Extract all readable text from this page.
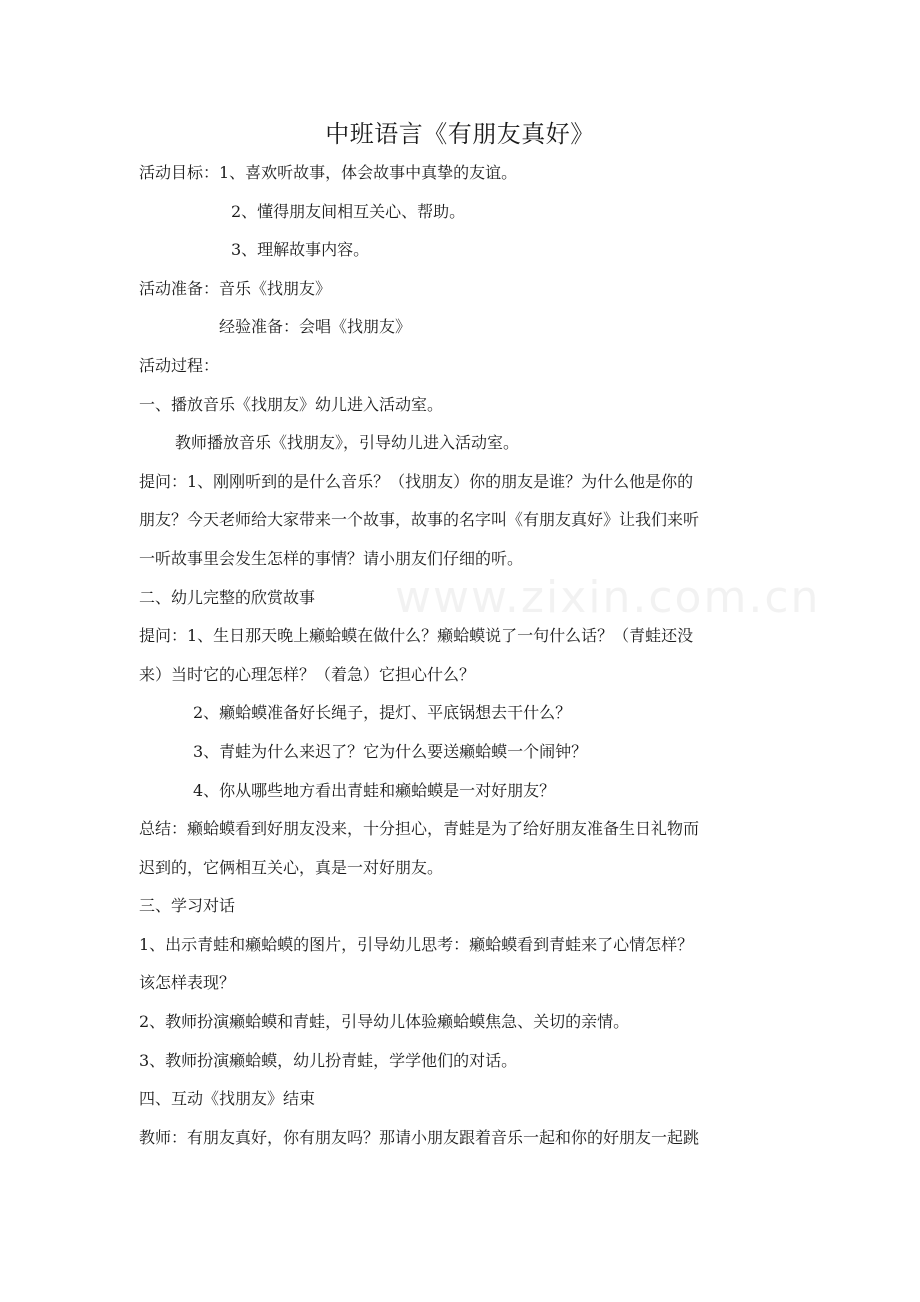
www.zixin.com.cn
中班语言《有朋友真好》
活动目标：1、喜欢听故事，体会故事中真挚的友谊。
2、懂得朋友间相互关心、帮助。
3、理解故事内容。
活动准备：音乐《找朋友》
经验准备：会唱《找朋友》
活动过程：
一、播放音乐《找朋友》幼儿进入活动室。
教师播放音乐《找朋友》，引导幼儿进入活动室。
提问：1、刚刚听到的是什么音乐？（找朋友）你的朋友是谁？为什么他是你的
朋友？今天老师给大家带来一个故事，故事的名字叫《有朋友真好》让我们来听
一听故事里会发生怎样的事情？请小朋友们仔细的听。
二、幼儿完整的欣赏故事
提问：1、生日那天晚上癞蛤蟆在做什么？癞蛤蟆说了一句什么话？（青蛙还没
来）当时它的心理怎样？（着急）它担心什么？
2、癞蛤蟆准备好长绳子，提灯、平底锅想去干什么？
3、青蛙为什么来迟了？它为什么要送癞蛤蟆一个闹钟？
4、你从哪些地方看出青蛙和癞蛤蟆是一对好朋友？
总结：癞蛤蟆看到好朋友没来，十分担心，青蛙是为了给好朋友准备生日礼物而
迟到的，它俩相互关心，真是一对好朋友。
三、学习对话
1、出示青蛙和癞蛤蟆的图片，引导幼儿思考：癞蛤蟆看到青蛙来了心情怎样？
该怎样表现？
2、教师扮演癞蛤蟆和青蛙，引导幼儿体验癞蛤蟆焦急、关切的亲情。
3、教师扮演癞蛤蟆，幼儿扮青蛙，学学他们的对话。
四、互动《找朋友》结束
教师：有朋友真好，你有朋友吗？那请小朋友跟着音乐一起和你的好朋友一起跳
